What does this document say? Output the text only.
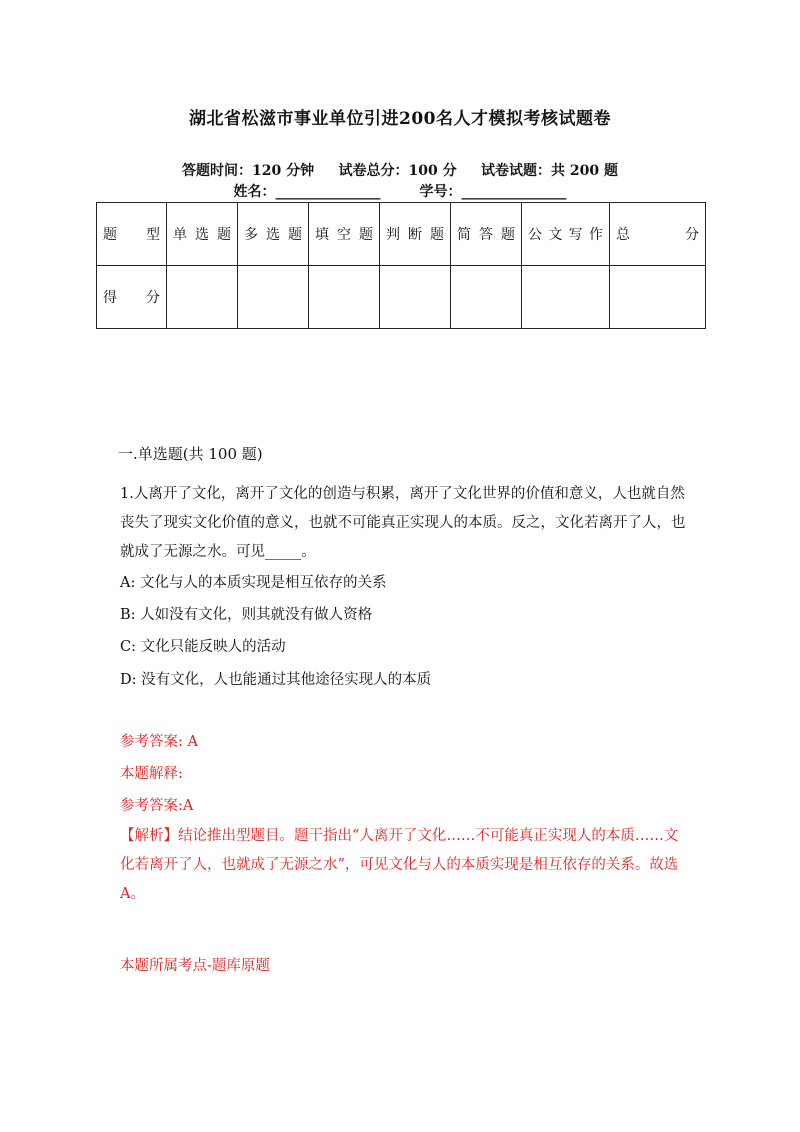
湖北省松滋市事业单位引进200名人才模拟考核试题卷
答题时间：120 分钟 试卷总分：100 分 试卷试题：共 200 题
姓名：_______________	学号：_______________
题 型	单选题	多选题	填空题	判断题	简答题	公文写作	总 分
得 分							
一.单选题(共 100 题)
1.人离开了文化，离开了文化的创造与积累，离开了文化世界的价值和意义，人也就自然丧失了现实文化价值的意义，也就不可能真正实现人的本质。反之，文化若离开了人，也就成了无源之水。可见_____。
A: 文化与人的本质实现是相互依存的关系
B: 人如没有文化，则其就没有做人资格
C: 文化只能反映人的活动
D: 没有文化，人也能通过其他途径实现人的本质
参考答案: A
本题解释:
参考答案:A
【解析】结论推出型题目。题干指出“人离开了文化……不可能真正实现人的本质……文化若离开了人，也就成了无源之水”，可见文化与人的本质实现是相互依存的关系。故选 A。
本题所属考点-题库原题
